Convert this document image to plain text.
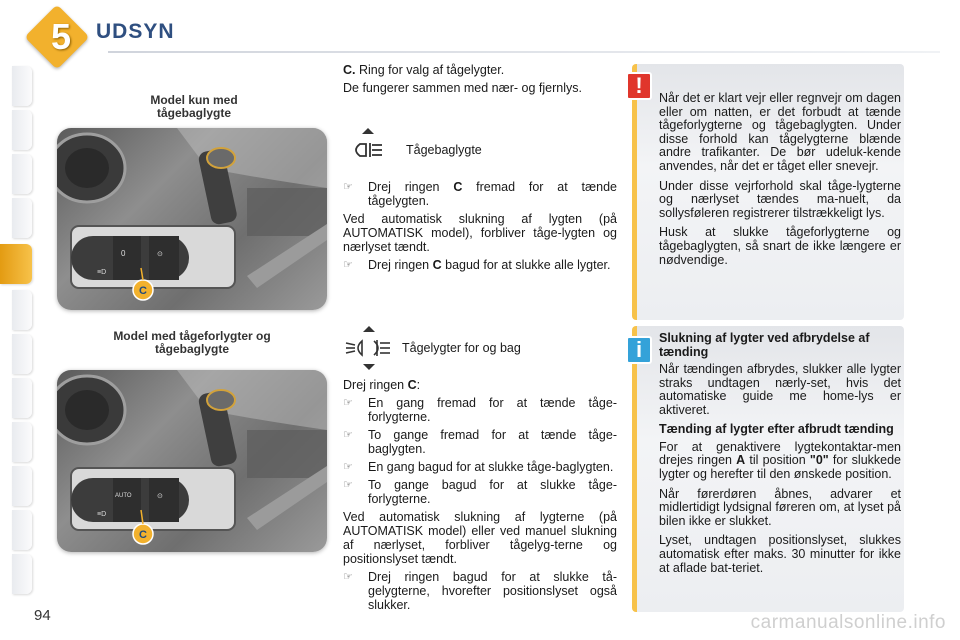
5 UDSYN
Model kun med tågebaglygte
0	⊙
≡D
C
Model med tågeforlygter og tågebaglygte
AUTO	⊙
≡D
C

C. Ring for valg af tågelygter.

De fungerer sammen med nær- og fjernlys.

Tågebaglygte
☞	Drej ringen C fremad for at tænde tågelygten.

Ved automatisk slukning af lygten (på AUTOMATISK model), forbliver tåge-lygten og nærlyset tændt.

☞	Drej ringen C bagud for at slukke alle lygter.
Tågelygter for og bag

Drej ringen C:

☞	En gang fremad for at tænde tåge-forlygterne.
☞	To gange fremad for at tænde tåge-baglygten.
☞	En gang bagud for at slukke tåge-baglygten.
☞	To gange bagud for at slukke tåge-forlygterne.

Ved automatisk slukning af lygterne (på AUTOMATISK model) eller ved manuel slukning af nærlyset, forbliver tågelyg-terne og positionslyset tændt.

☞	Drej ringen bagud for at slukke tå-gelygterne, hvorefter positionslyset også slukker.

Når det er klart vejr eller regnvejr om dagen eller om natten, er det forbudt at tænde tågeforlygterne og tågebaglygten. Under disse forhold kan tågelygterne blænde andre trafikanter. De bør udeluk-kende anvendes, når det er tåget eller snevejr.

Under disse vejrforhold skal tåge-lygterne og nærlyset tændes ma-nuelt, da sollysføleren registrerer tilstrækkeligt lys.

Husk at slukke tågeforlygterne og tågebaglygten, så snart de ikke længere er nødvendige.

!
Slukning af lygter ved afbrydelse af tænding

Når tændingen afbrydes, slukker alle lygter straks undtagen nærly-set, hvis det automatiske guide me home-lys er aktiveret.

Tænding af lygter efter afbrudt tænding

For at genaktivere lygtekontaktar-men drejes ringen A til position "0" for slukkede lygter og herefter til den ønskede position.

Når førerdøren åbnes, advarer et midlertidigt lydsignal føreren om, at lyset på bilen ikke er slukket.

Lyset, undtagen positionslyset, slukkes automatisk efter maks. 30 minutter for ikke at aflade bat-teriet.

i
94	carmanualsonline.info
